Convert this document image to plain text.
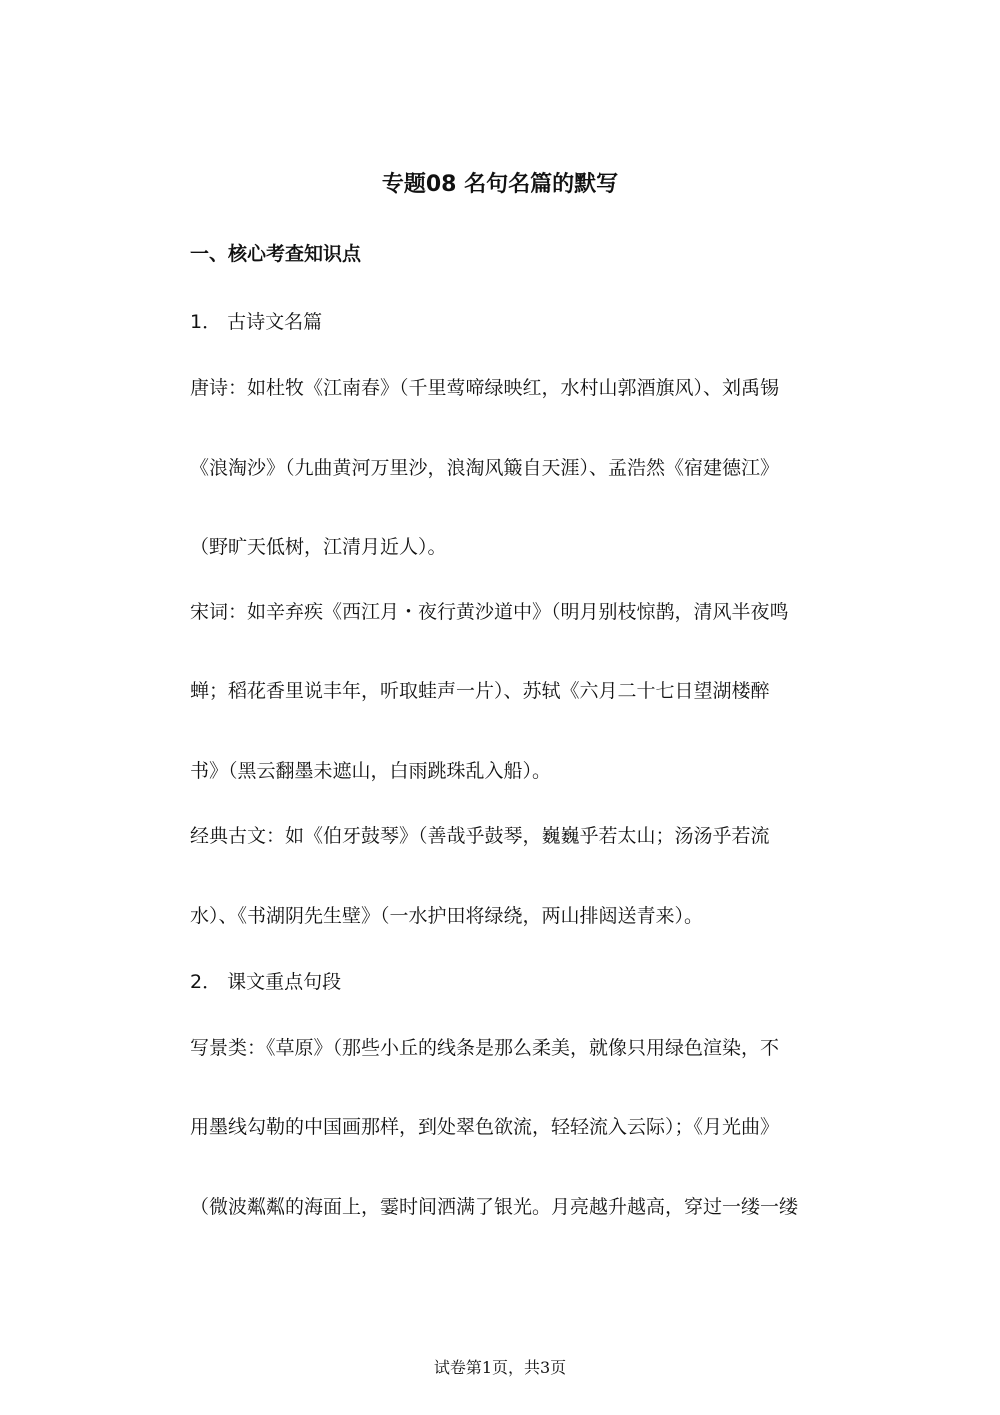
专题08 名句名篇的默写
一、核心考查知识点
1． 古诗文名篇
唐诗：如杜牧《江南春》（千里莺啼绿映红，水村山郭酒旗风）、刘禹锡
《浪淘沙》（九曲黄河万里沙，浪淘风簸自天涯）、孟浩然《宿建德江》
（野旷天低树，江清月近人）。
宋词：如辛弃疾《西江月・夜行黄沙道中》（明月别枝惊鹊，清风半夜鸣
蝉；稻花香里说丰年，听取蛙声一片）、苏轼《六月二十七日望湖楼醉
书》（黑云翻墨未遮山，白雨跳珠乱入船）。
经典古文：如《伯牙鼓琴》（善哉乎鼓琴，巍巍乎若太山；汤汤乎若流
水）、《书湖阴先生壁》（一水护田将绿绕，两山排闼送青来）。
2． 课文重点句段
写景类：《草原》（那些小丘的线条是那么柔美，就像只用绿色渲染，不
用墨线勾勒的中国画那样，到处翠色欲流，轻轻流入云际）；《月光曲》
（微波粼粼的海面上，霎时间洒满了银光。月亮越升越高，穿过一缕一缕
试卷第1页，共3页
